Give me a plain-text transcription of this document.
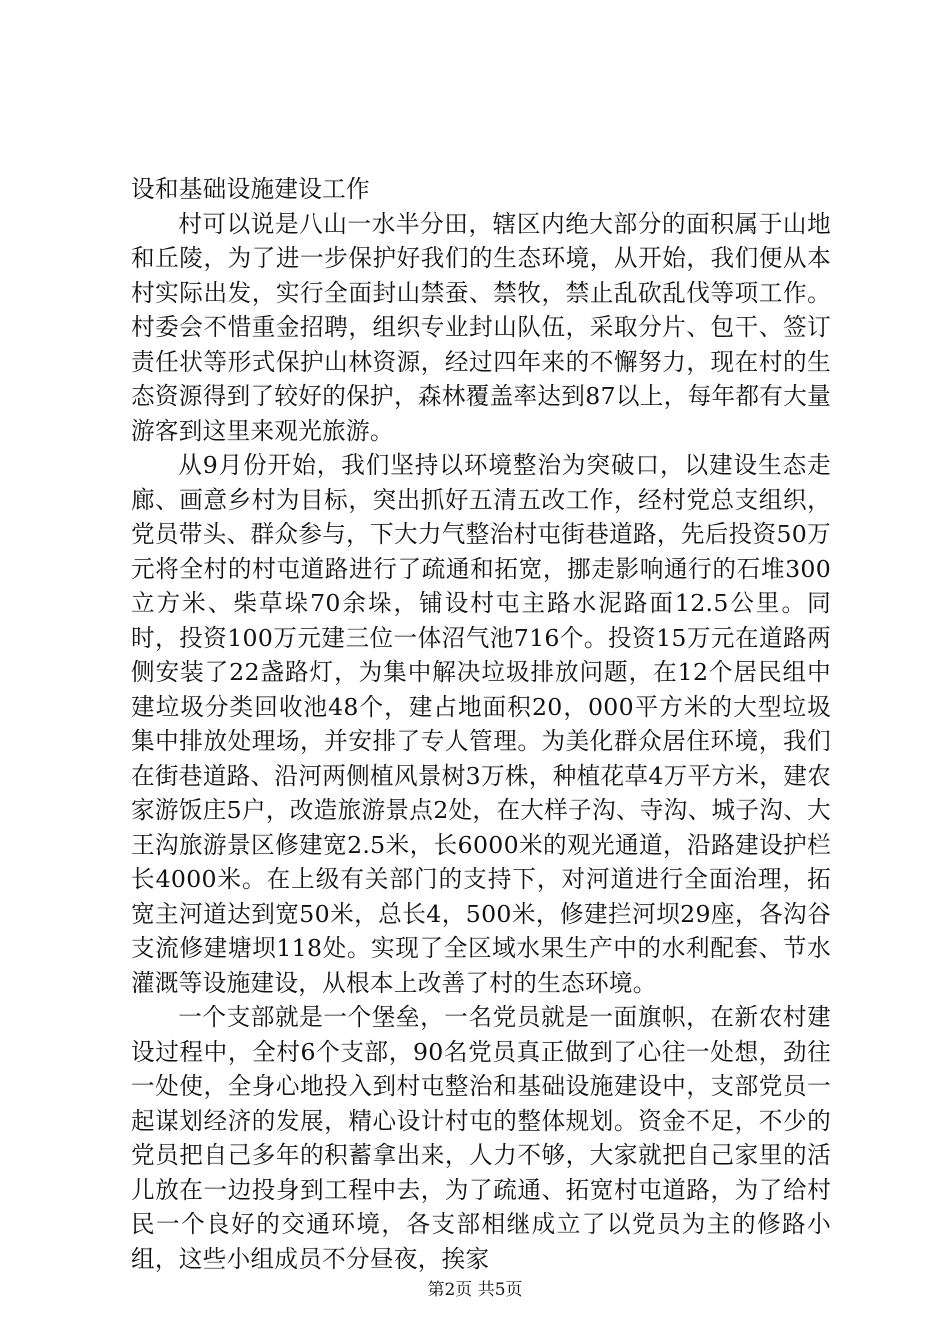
设和基础设施建设工作

村可以说是八山一水半分田，辖区内绝大部分的面积属于山地和丘陵，为了进一步保护好我们的生态环境，从开始，我们便从本村实际出发，实行全面封山禁蚕、禁牧，禁止乱砍乱伐等项工作。村委会不惜重金招聘，组织专业封山队伍，采取分片、包干、签订责任状等形式保护山林资源，经过四年来的不懈努力，现在村的生态资源得到了较好的保护，森林覆盖率达到87以上，每年都有大量游客到这里来观光旅游。

从9月份开始，我们坚持以环境整治为突破口，以建设生态走廊、画意乡村为目标，突出抓好五清五改工作，经村党总支组织，党员带头、群众参与，下大力气整治村屯街巷道路，先后投资50万元将全村的村屯道路进行了疏通和拓宽，挪走影响通行的石堆300立方米、柴草垛70余垛，铺设村屯主路水泥路面12.5公里。同时，投资100万元建三位一体沼气池716个。投资15万元在道路两侧安装了22盏路灯，为集中解决垃圾排放问题，在12个居民组中建垃圾分类回收池48个，建占地面积20，000平方米的大型垃圾集中排放处理场，并安排了专人管理。为美化群众居住环境，我们在街巷道路、沿河两侧植风景树3万株，种植花草4万平方米，建农家游饭庄5户，改造旅游景点2处，在大样子沟、寺沟、城子沟、大王沟旅游景区修建宽2.5米，长6000米的观光通道，沿路建设护栏长4000米。在上级有关部门的支持下，对河道进行全面治理，拓宽主河道达到宽50米，总长4，500米，修建拦河坝29座，各沟谷支流修建塘坝118处。实现了全区域水果生产中的水利配套、节水灌溉等设施建设，从根本上改善了村的生态环境。

一个支部就是一个堡垒，一名党员就是一面旗帜，在新农村建设过程中，全村6个支部，90名党员真正做到了心往一处想，劲往一处使，全身心地投入到村屯整治和基础设施建设中，支部党员一起谋划经济的发展，精心设计村屯的整体规划。资金不足，不少的党员把自己多年的积蓄拿出来，人力不够，大家就把自己家里的活儿放在一边投身到工程中去，为了疏通、拓宽村屯道路，为了给村民一个良好的交通环境，各支部相继成立了以党员为主的修路小组，这些小组成员不分昼夜，挨家

第2页 共5页
